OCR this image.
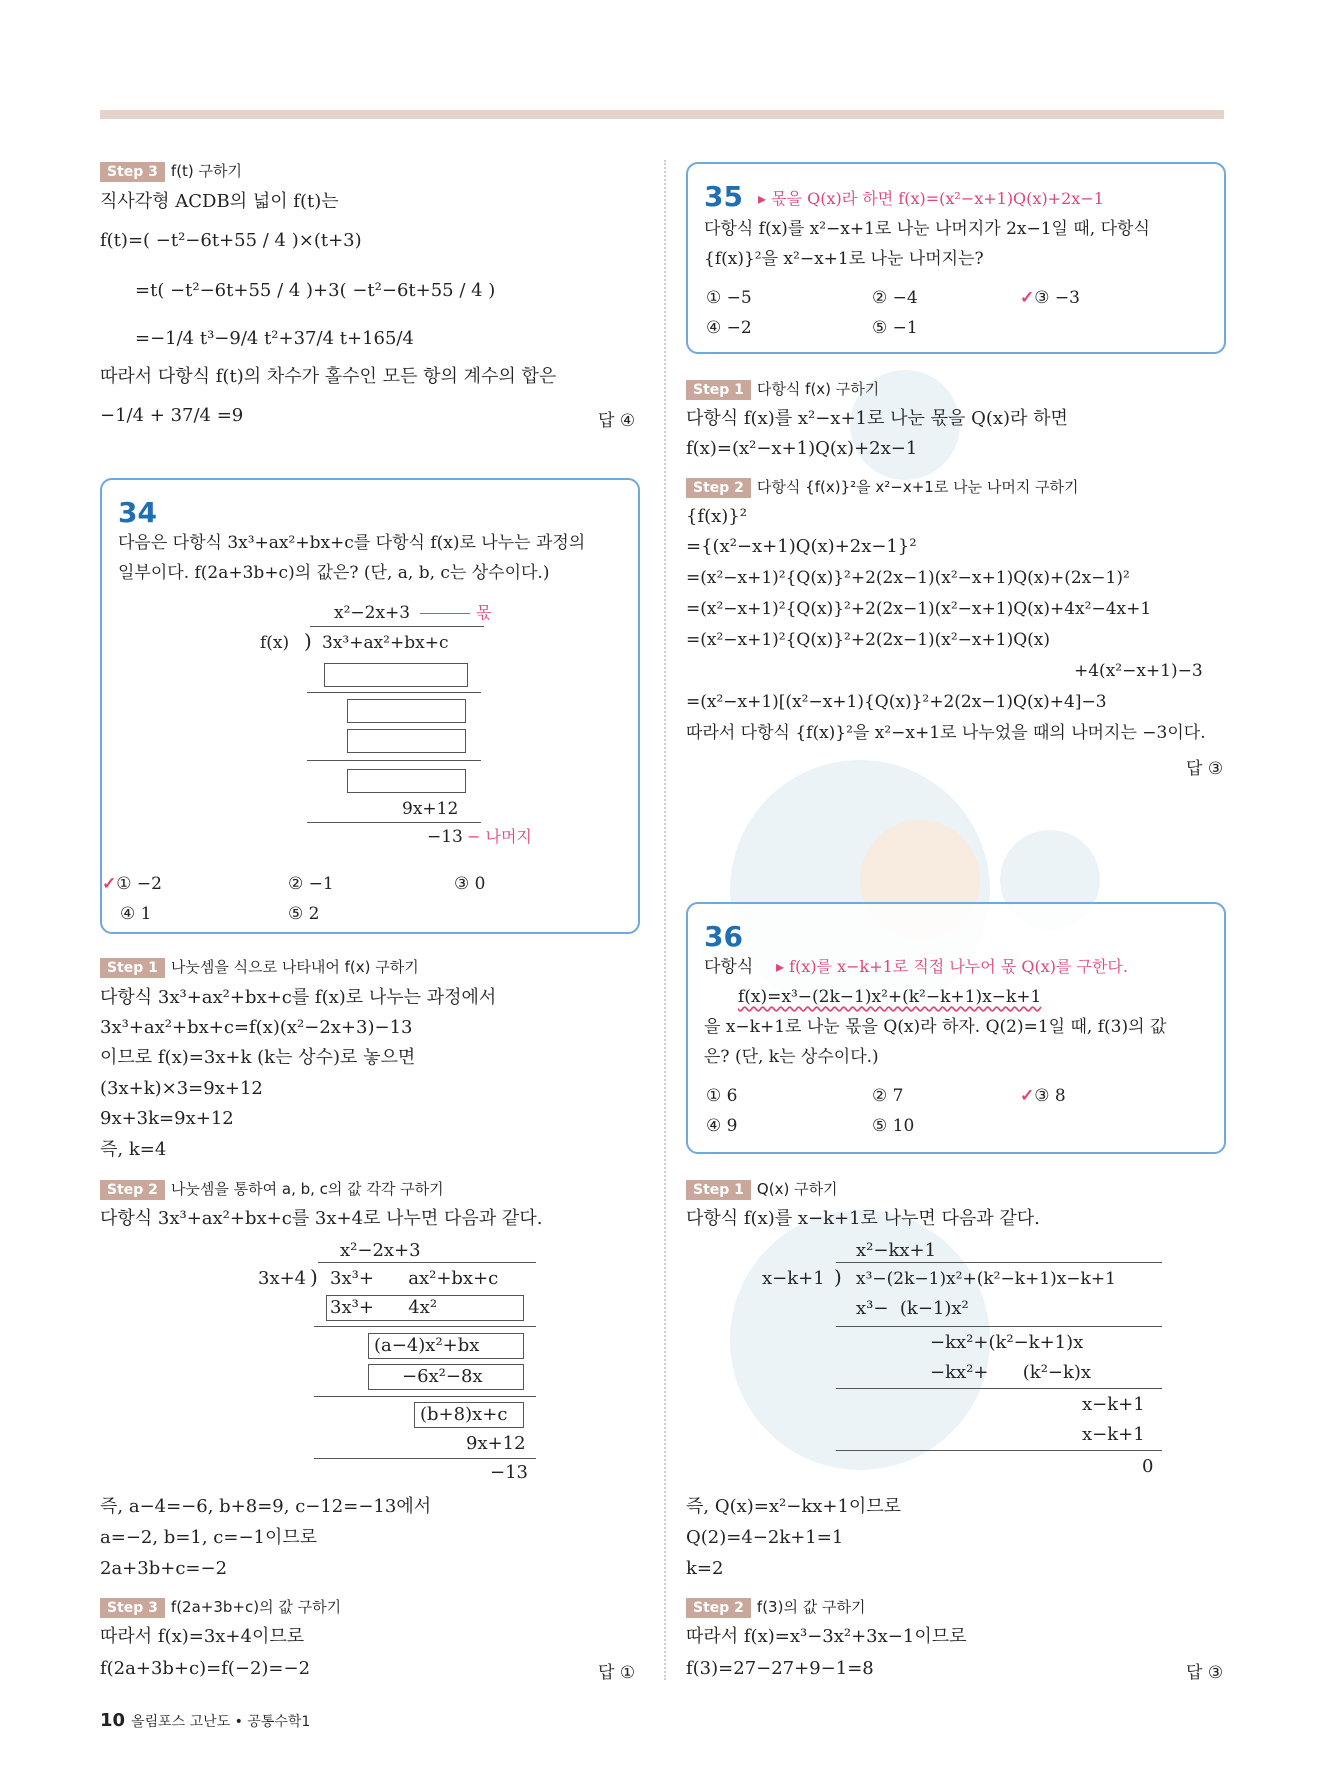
Step 3 f(t) 구하기
직사각형 ACDB의 넓이 f(t)는
f(t)=( −t²−6t+55 / 4 )×(t+3)
=t( −t²−6t+55 / 4 )+3( −t²−6t+55 / 4 )
=−1/4 t³−9/4 t²+37/4 t+165/4
따라서 다항식 f(t)의 차수가 홀수인 모든 항의 계수의 합은
−1/4 + 37/4 =9	답 ④
34
다음은 다항식 3x³+ax²+bx+c를 다항식 f(x)로 나누는 과정의
일부이다. f(2a+3b+c)의 값은? (단, a, b, c는 상수이다.)
x²−2x+3	몫
f(x) ) 3x³+ax²+bx+c
9x+12
−13 − 나머지
✓① −2	② −1	③ 0
④ 1	⑤ 2
Step 1 나눗셈을 식으로 나타내어 f(x) 구하기
다항식 3x³+ax²+bx+c를 f(x)로 나누는 과정에서
3x³+ax²+bx+c=f(x)(x²−2x+3)−13
이므로 f(x)=3x+k (k는 상수)로 놓으면
(3x+k)×3=9x+12
9x+3k=9x+12
즉, k=4
Step 2 나눗셈을 통하여 a, b, c의 값 각각 구하기
다항식 3x³+ax²+bx+c를 3x+4로 나누면 다음과 같다.
x²−2x+3
3x+4 ) 3x³+      ax²+bx+c
3x³+      4x²
(a−4)x²+bx
−6x²−8x
(b+8)x+c
9x+12
−13
즉, a−4=−6, b+8=9, c−12=−13에서
a=−2, b=1, c=−1이므로
2a+3b+c=−2
Step 3 f(2a+3b+c)의 값 구하기
따라서 f(x)=3x+4이므로
f(2a+3b+c)=f(−2)=−2	답 ①
35 ▸ 몫을 Q(x)라 하면 f(x)=(x²−x+1)Q(x)+2x−1
다항식 f(x)를 x²−x+1로 나눈 나머지가 2x−1일 때, 다항식
{f(x)}²을 x²−x+1로 나눈 나머지는?
① −5	② −4	✓③ −3
④ −2	⑤ −1
Step 1 다항식 f(x) 구하기
다항식 f(x)를 x²−x+1로 나눈 몫을 Q(x)라 하면
f(x)=(x²−x+1)Q(x)+2x−1
Step 2 다항식 {f(x)}²을 x²−x+1로 나눈 나머지 구하기
{f(x)}²
={(x²−x+1)Q(x)+2x−1}²
=(x²−x+1)²{Q(x)}²+2(2x−1)(x²−x+1)Q(x)+(2x−1)²
=(x²−x+1)²{Q(x)}²+2(2x−1)(x²−x+1)Q(x)+4x²−4x+1
=(x²−x+1)²{Q(x)}²+2(2x−1)(x²−x+1)Q(x)
+4(x²−x+1)−3
=(x²−x+1)[(x²−x+1){Q(x)}²+2(2x−1)Q(x)+4]−3
따라서 다항식 {f(x)}²을 x²−x+1로 나누었을 때의 나머지는 −3이다.
답 ③
36
다항식 ▸ f(x)를 x−k+1로 직접 나누어 몫 Q(x)를 구한다.
f(x)=x³−(2k−1)x²+(k²−k+1)x−k+1
을 x−k+1로 나눈 몫을 Q(x)라 하자. Q(2)=1일 때, f(3)의 값
은? (단, k는 상수이다.)
① 6	② 7	✓③ 8
④ 9	⑤ 10
Step 1 Q(x) 구하기
다항식 f(x)를 x−k+1로 나누면 다음과 같다.
x²−kx+1
x−k+1 ) x³−(2k−1)x²+(k²−k+1)x−k+1
x³−  (k−1)x²
−kx²+(k²−k+1)x
−kx²+      (k²−k)x
x−k+1
x−k+1
0
즉, Q(x)=x²−kx+1이므로
Q(2)=4−2k+1=1
k=2
Step 2 f(3)의 값 구하기
따라서 f(x)=x³−3x²+3x−1이므로
f(3)=27−27+9−1=8	답 ③
10 올림포스 고난도 • 공통수학1
